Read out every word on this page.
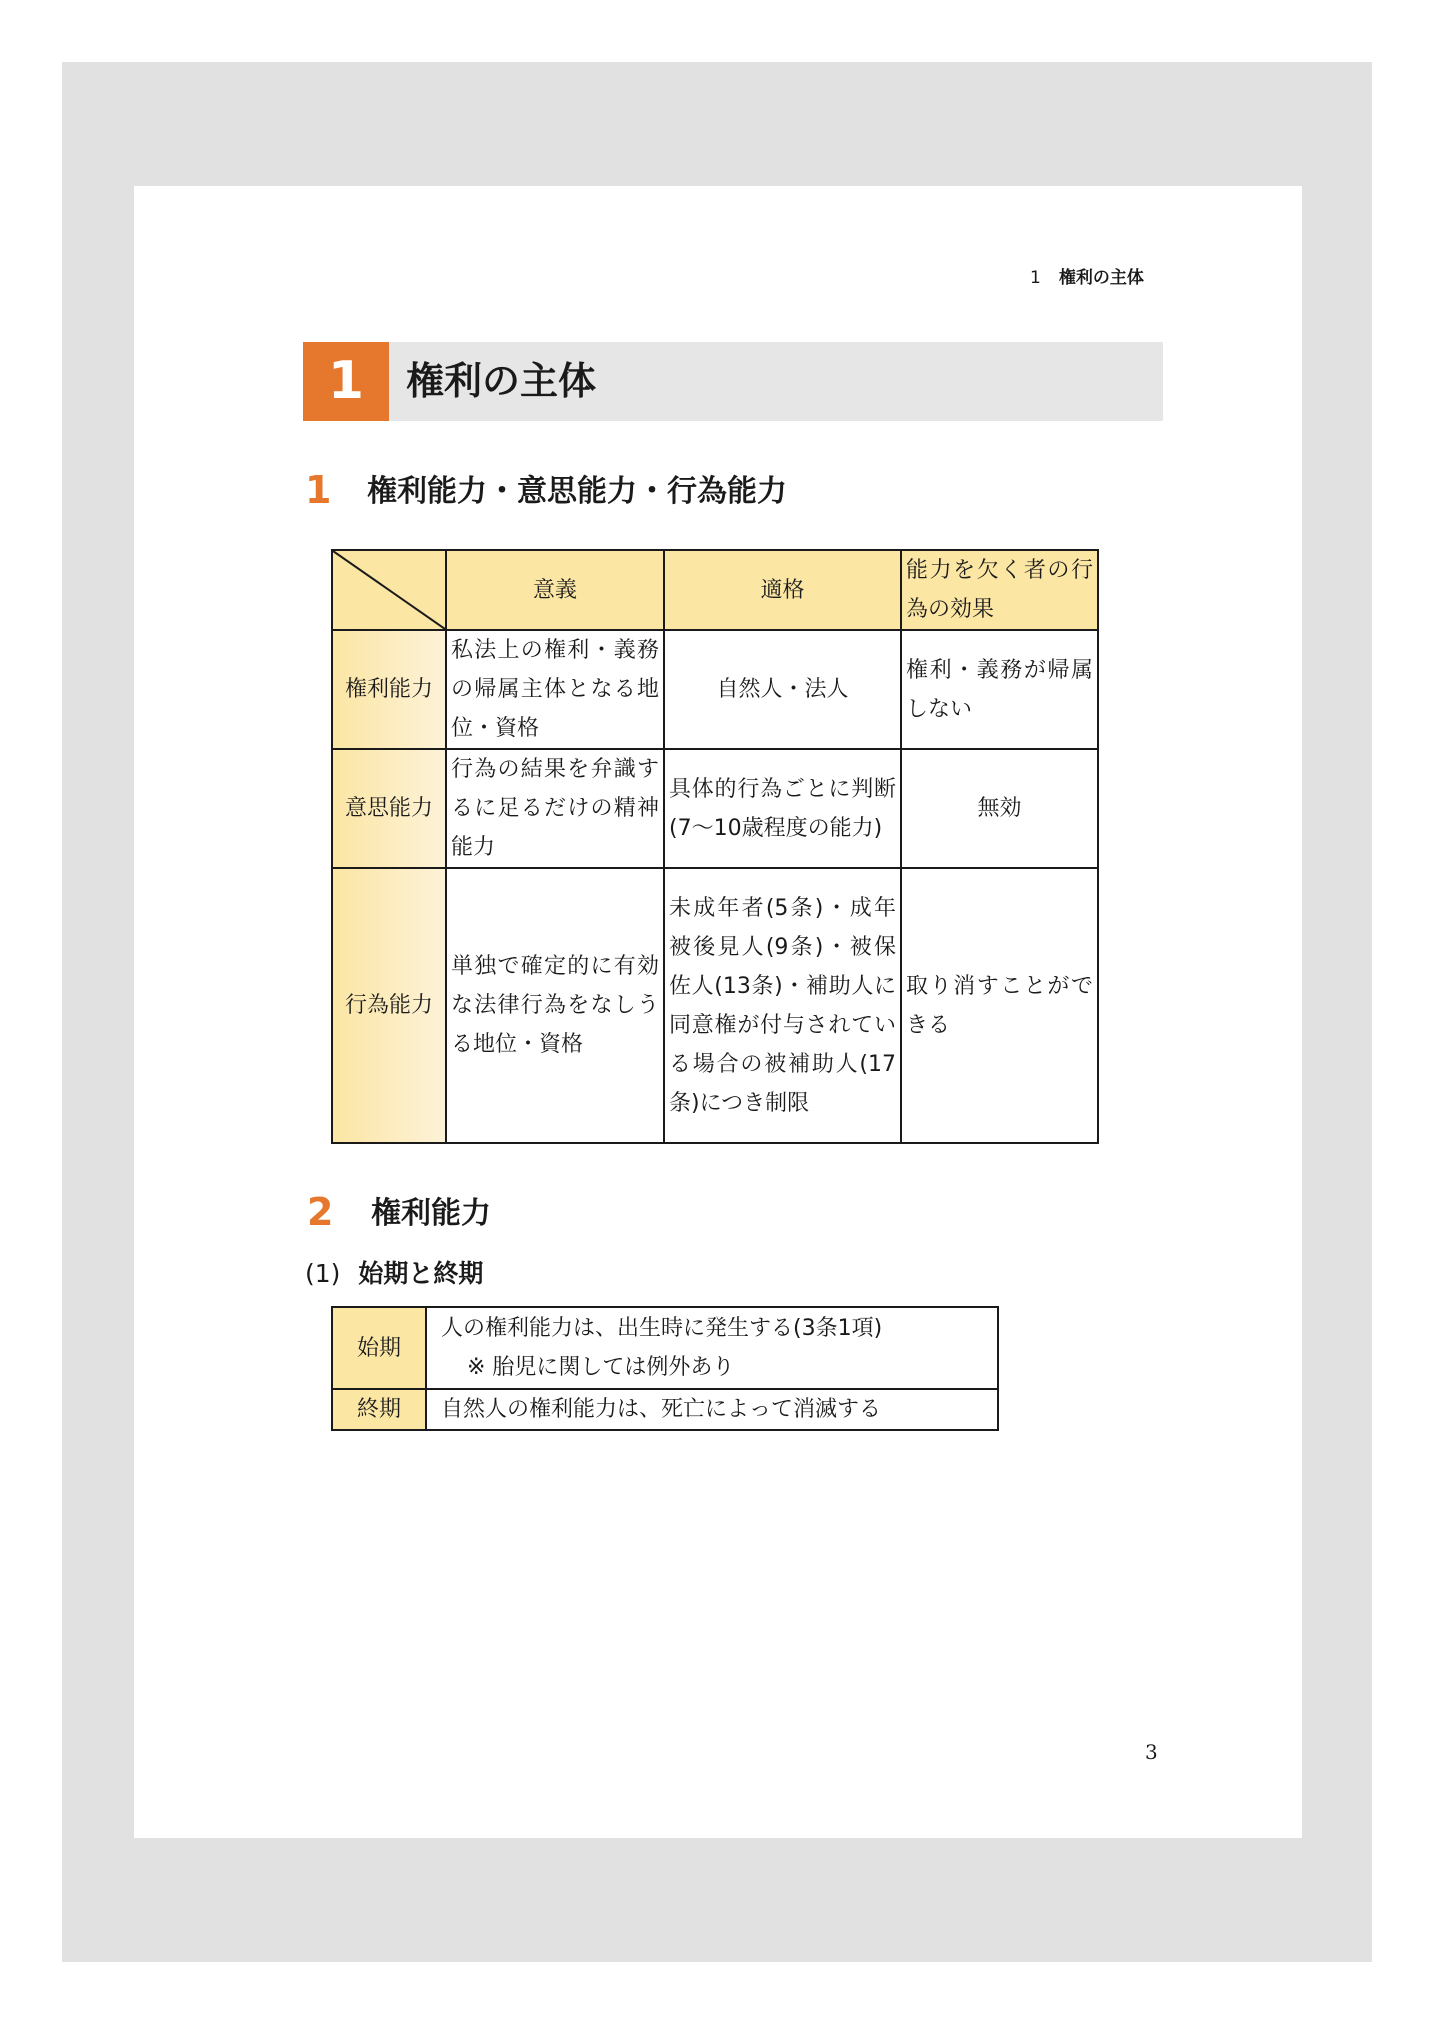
1 権利の主体
1	権利の主体
1 権利能力・意思能力・行為能力
	意義	適格	能力を欠く者の行為の効果
権利能力	私法上の権利・義務の帰属主体となる地位・資格	自然人・法人	権利・義務が帰属しない
意思能力	行為の結果を弁識するに足るだけの精神能力	具体的行為ごとに判断(7〜10歳程度の能力)	無効
行為能力	単独で確定的に有効な法律行為をなしうる地位・資格	未成年者(5条)・成年被後見人(9条)・被保佐人(13条)・補助人に同意権が付与されている場合の被補助人(17条)につき制限	取り消すことができる
2 権利能力
(1) 始期と終期
始期	人の権利能力は、出生時に発生する(3条1項)
※ 胎児に関しては例外あり

終期	自然人の権利能力は、死亡によって消滅する
3
